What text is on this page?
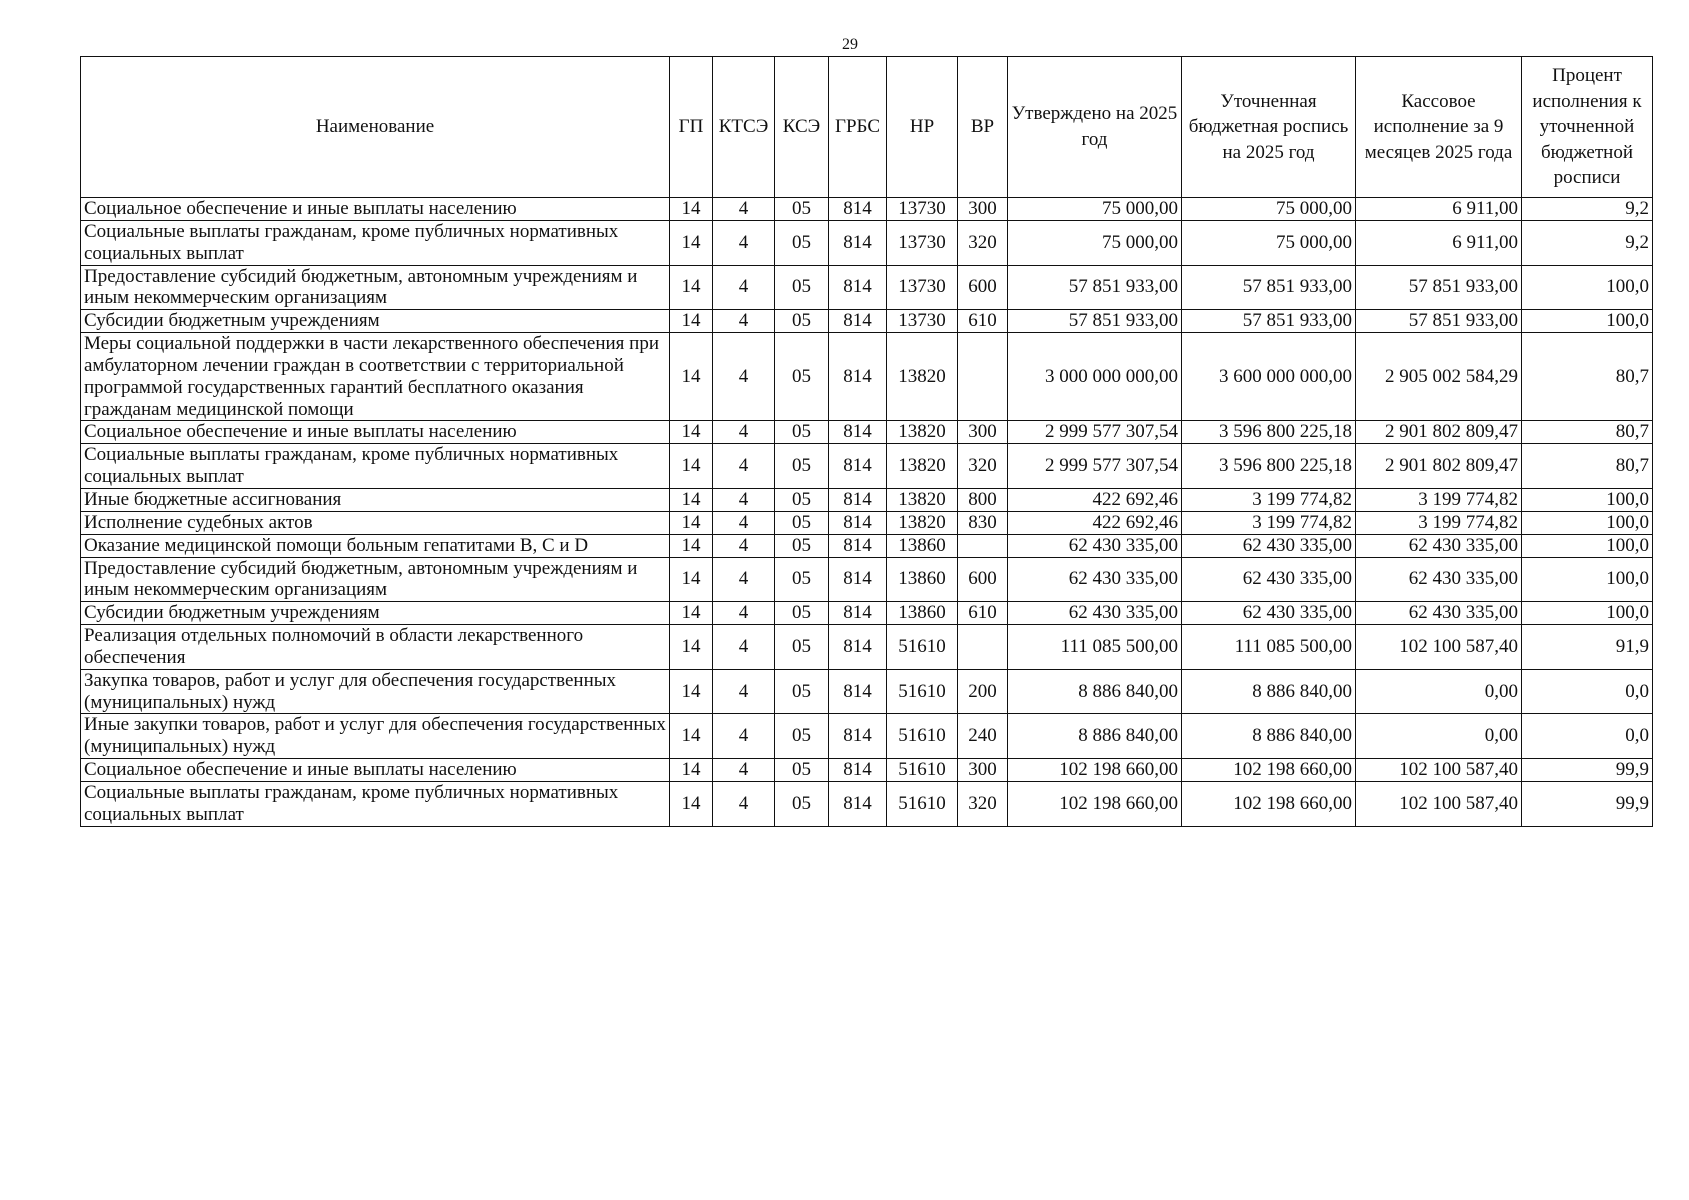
29
Наименование	ГП	КТСЭ	КСЭ	ГРБС	НР	ВР	Утверждено на 2025 год	Уточненная бюджетная роспись на 2025 год	Кассовое исполнение за 9 месяцев 2025 года	Процент исполнения к уточненной бюджетной росписи
Социальное обеспечение и иные выплаты населению	14	4	05	814	13730	300	75 000,00	75 000,00	6 911,00	9,2
Социальные выплаты гражданам, кроме публичных нормативных социальных выплат	14	4	05	814	13730	320	75 000,00	75 000,00	6 911,00	9,2
Предоставление субсидий бюджетным, автономным учреждениям и иным некоммерческим организациям	14	4	05	814	13730	600	57 851 933,00	57 851 933,00	57 851 933,00	100,0
Субсидии бюджетным учреждениям	14	4	05	814	13730	610	57 851 933,00	57 851 933,00	57 851 933,00	100,0
Меры социальной поддержки в части лекарственного обеспечения при амбулаторном лечении граждан в соответствии с территориальной программой государственных гарантий бесплатного оказания гражданам медицинской помощи	14	4	05	814	13820		3 000 000 000,00	3 600 000 000,00	2 905 002 584,29	80,7
Социальное обеспечение и иные выплаты населению	14	4	05	814	13820	300	2 999 577 307,54	3 596 800 225,18	2 901 802 809,47	80,7
Социальные выплаты гражданам, кроме публичных нормативных социальных выплат	14	4	05	814	13820	320	2 999 577 307,54	3 596 800 225,18	2 901 802 809,47	80,7
Иные бюджетные ассигнования	14	4	05	814	13820	800	422 692,46	3 199 774,82	3 199 774,82	100,0
Исполнение судебных актов	14	4	05	814	13820	830	422 692,46	3 199 774,82	3 199 774,82	100,0
Оказание медицинской помощи больным гепатитами В, С и D	14	4	05	814	13860		62 430 335,00	62 430 335,00	62 430 335,00	100,0
Предоставление субсидий бюджетным, автономным учреждениям и иным некоммерческим организациям	14	4	05	814	13860	600	62 430 335,00	62 430 335,00	62 430 335,00	100,0
Субсидии бюджетным учреждениям	14	4	05	814	13860	610	62 430 335,00	62 430 335,00	62 430 335,00	100,0
Реализация отдельных полномочий в области лекарственного обеспечения	14	4	05	814	51610		111 085 500,00	111 085 500,00	102 100 587,40	91,9
Закупка товаров, работ и услуг для обеспечения государственных (муниципальных) нужд	14	4	05	814	51610	200	8 886 840,00	8 886 840,00	0,00	0,0
Иные закупки товаров, работ и услуг для обеспечения государственных (муниципальных) нужд	14	4	05	814	51610	240	8 886 840,00	8 886 840,00	0,00	0,0
Социальное обеспечение и иные выплаты населению	14	4	05	814	51610	300	102 198 660,00	102 198 660,00	102 100 587,40	99,9
Социальные выплаты гражданам, кроме публичных нормативных социальных выплат	14	4	05	814	51610	320	102 198 660,00	102 198 660,00	102 100 587,40	99,9
